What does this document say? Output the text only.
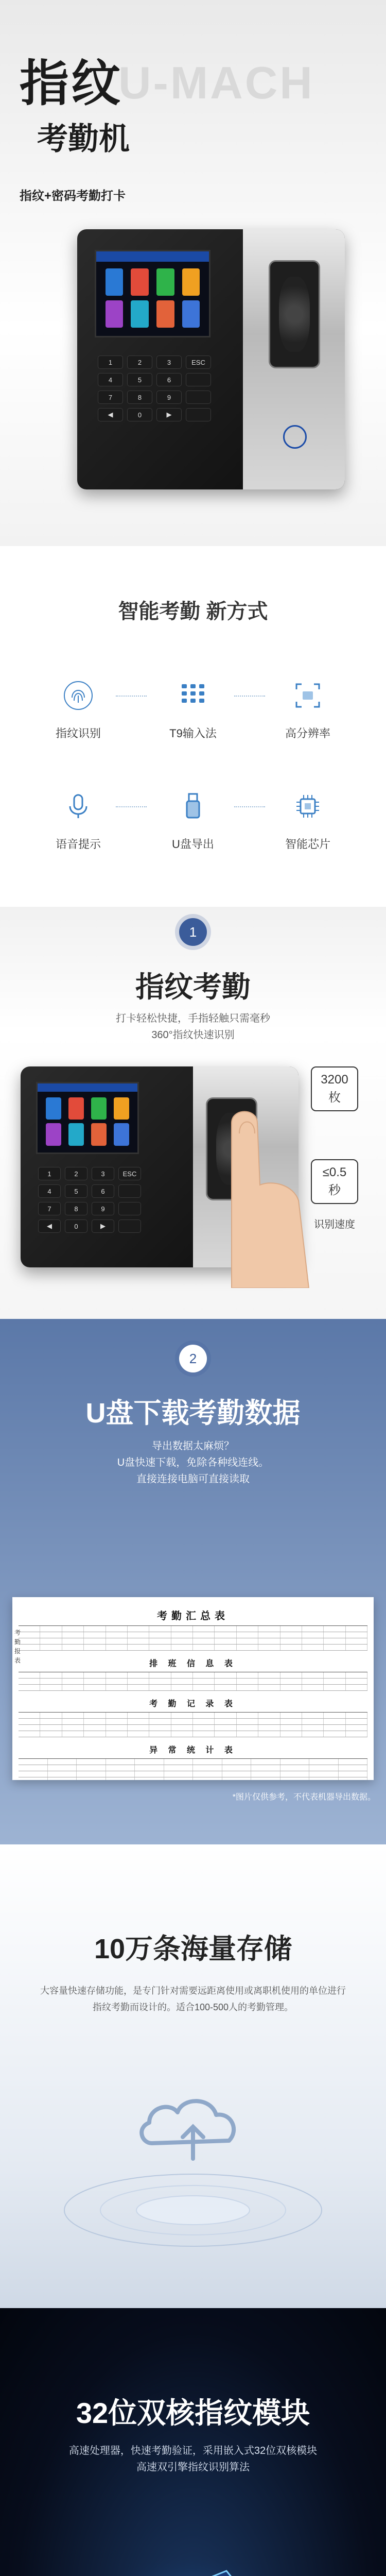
U-MACH
指纹
考勤机
指纹+密码考勤打卡
1	2	3	ESC
4	5	6
7	8	9
◀	0	▶
智能考勤 新方式
指纹识别	T9输入法	高分辨率
语音提示	U盘导出	智能芯片
1
指纹考勤
打卡轻松快捷，手指轻触只需毫秒
360°指纹快速识别
1	2	3	ESC
4	5	6
7	8	9
◀	0	▶
3200
枚
≤0.5
秒
识别速度
2
U盘下载考勤数据
导出数据太麻烦？
U盘快速下载，免除各种线连线。
直接连接电脑可直接读取
考勤报表
考勤汇总表
排 班 信 息 表
考 勤 记 录 表
异 常 统 计 表
*图片仅供参考，不代表机器导出数据。
10万条海量存储
大容量快速存储功能，是专门针对需要远距离使用或离职机使用的单位进行
指纹考勤而设计的。适合100-500人的考勤管理。
32位双核指纹模块
高速处理器，快速考勤验证，采用嵌入式32位双核模块
高速双引擎指纹识别算法
